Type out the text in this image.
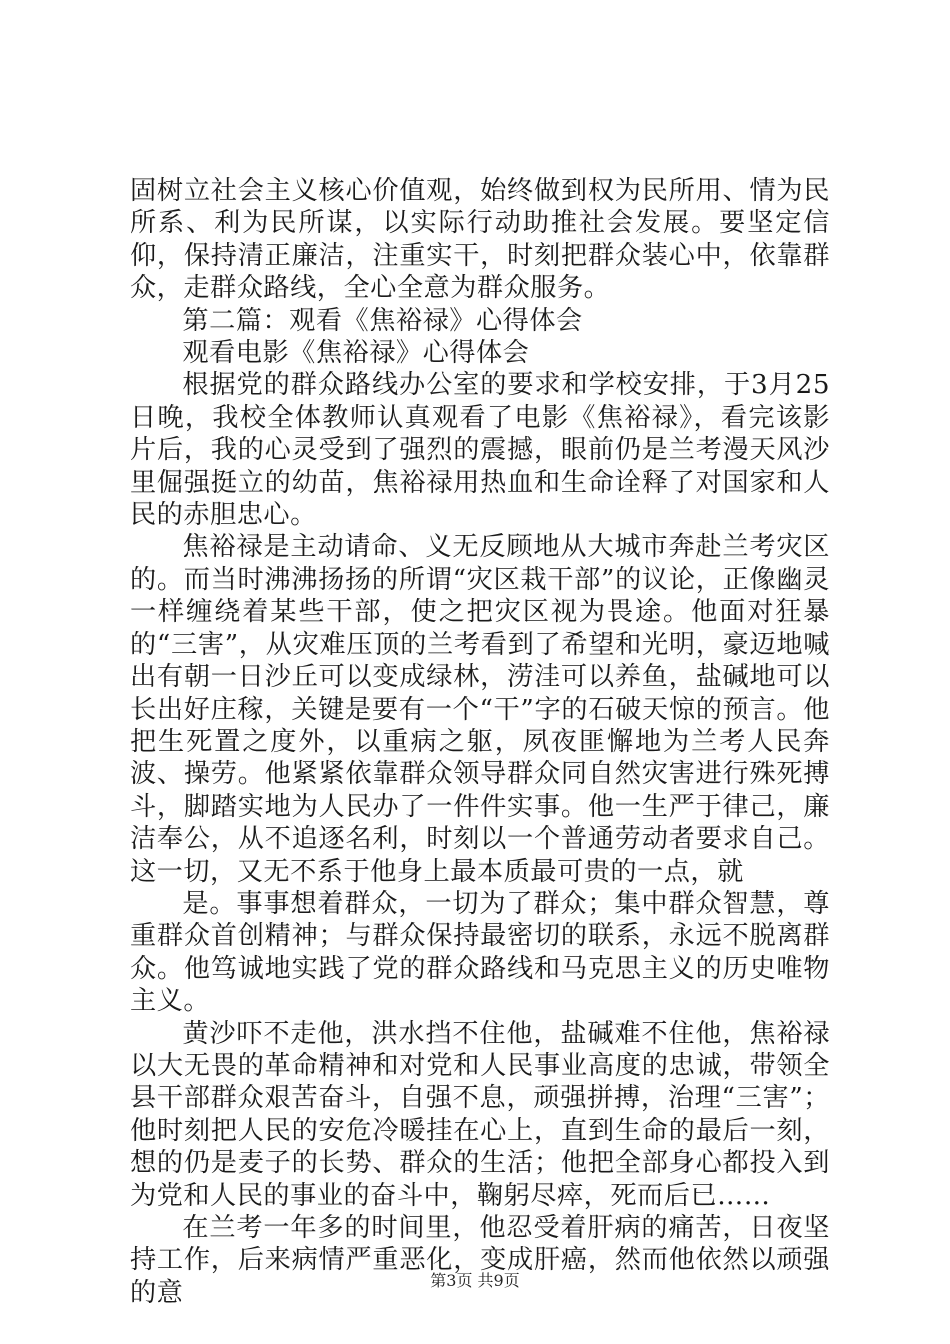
固树立社会主义核心价值观，始终做到权为民所用、情为民所系、利为民所谋，以实际行动助推社会发展。要坚定信仰，保持清正廉洁，注重实干，时刻把群众装心中，依靠群众，走群众路线，全心全意为群众服务。

第二篇：观看《焦裕禄》心得体会

观看电影《焦裕禄》心得体会

根据党的群众路线办公室的要求和学校安排，于3月25日晚，我校全体教师认真观看了电影《焦裕禄》，看完该影片后，我的心灵受到了强烈的震撼，眼前仍是兰考漫天风沙里倔强挺立的幼苗，焦裕禄用热血和生命诠释了对国家和人民的赤胆忠心。

焦裕禄是主动请命、义无反顾地从大城市奔赴兰考灾区的。而当时沸沸扬扬的所谓“灾区栽干部”的议论，正像幽灵一样缠绕着某些干部，使之把灾区视为畏途。他面对狂暴的“三害”，从灾难压顶的兰考看到了希望和光明，豪迈地喊出有朝一日沙丘可以变成绿林，涝洼可以养鱼，盐碱地可以长出好庄稼，关键是要有一个“干”字的石破天惊的预言。他把生死置之度外，以重病之躯，夙夜匪懈地为兰考人民奔波、操劳。他紧紧依靠群众领导群众同自然灾害进行殊死搏斗，脚踏实地为人民办了一件件实事。他一生严于律己，廉洁奉公，从不追逐名利，时刻以一个普通劳动者要求自己。这一切，又无不系于他身上最本质最可贵的一点，就

是。事事想着群众，一切为了群众；集中群众智慧，尊重群众首创精神；与群众保持最密切的联系，永远不脱离群众。他笃诚地实践了党的群众路线和马克思主义的历史唯物主义。

黄沙吓不走他，洪水挡不住他，盐碱难不住他，焦裕禄以大无畏的革命精神和对党和人民事业高度的忠诚，带领全县干部群众艰苦奋斗，自强不息，顽强拼搏，治理“三害”；他时刻把人民的安危冷暖挂在心上，直到生命的最后一刻，想的仍是麦子的长势、群众的生活；他把全部身心都投入到为党和人民的事业的奋斗中，鞠躬尽瘁，死而后已……

在兰考一年多的时间里，他忍受着肝病的痛苦，日夜坚持工作，后来病情严重恶化，变成肝癌，然而他依然以顽强的意	第3页 共9页
